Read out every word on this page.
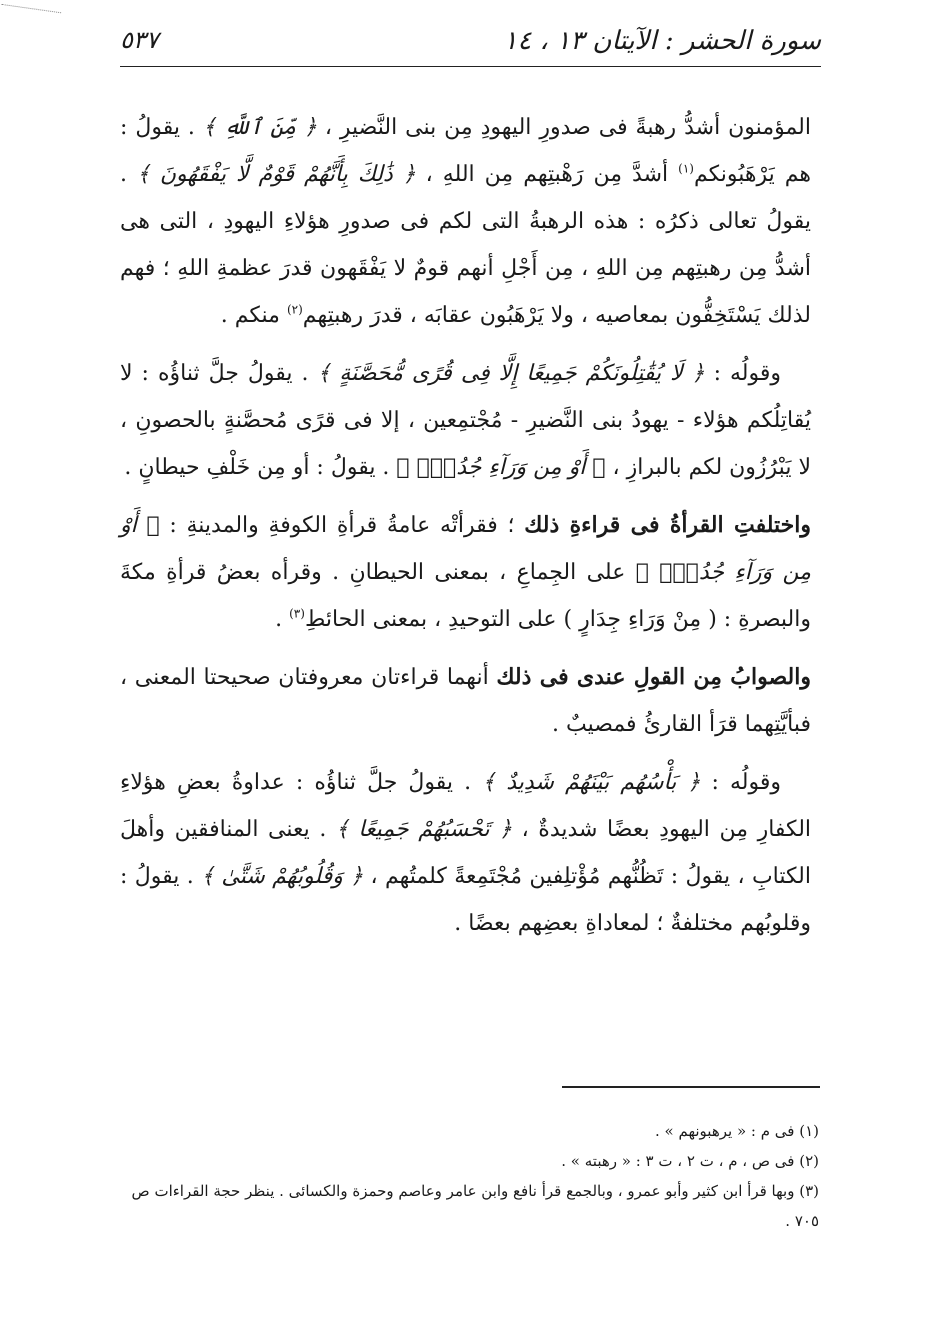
سورة الحشر : الآيتان ١٣ ، ١٤
٥٣٧

المؤمنون أشدُّ رهبةً فى صدورِ اليهودِ مِن بنى النَّضيرِ ، ﴿ مِّنَ ٱللَّهِ ﴾ . يقولُ : هم يَرْهَبُونكم$^{(١)}$ أشدَّ مِن رَهْبتِهم مِن اللهِ ، ﴿ ذَٰلِكَ بِأَنَّهُمْ قَوْمٌ لَّا يَفْقَهُونَ ﴾ . يقولُ تعالى ذكرُه : هذه الرهبةُ التى لكم فى صدورِ هؤلاءِ اليهودِ ، التى هى أشدُّ مِن رهبتِهم مِن اللهِ ، مِن أَجْلِ أنهم قومٌ لا يَفْقَهون قدرَ عظمةِ اللهِ ؛ فهم لذلك يَسْتَخِفُّون بمعاصيه ، ولا يَرْهَبُون عقابَه ، قدرَ رهبتِهم$^{(٢)}$ منكم .

وقولُه : ﴿ لَا يُقَٰتِلُونَكُمْ جَمِيعًا إِلَّا فِى قُرًى مُّحَصَّنَةٍ ﴾ . يقولُ جلَّ ثناؤُه : لا يُقاتِلُكم هؤلاء - يهودُ بنى النَّضيرِ - مُجْتمِعين ، إلا فى قرًى مُحصَّنةٍ بالحصونِ ، لا يَبْرُزُون لكم بالبرازِ ، ﴿ أَوْ مِن وَرَآءِ جُدُرٍۭ ﴾ . يقولُ : أو مِن خَلْفِ حيطانٍ .

واختلفتِ القرأةُ فى قراءةِ ذلك ؛ فقرأتْه عامةُ قرأةِ الكوفةِ والمدينةِ : ﴿ أَوْ مِن وَرَآءِ جُدُرٍۭ ﴾ على الجِماعِ ، بمعنى الحيطانِ . وقرأه بعضُ قرأةِ مكةَ والبصرةِ : ( مِنْ وَرَاءِ جِدَارٍ ) على التوحيدِ ، بمعنى الحائطِ$^{(٣)}$ .

والصوابُ مِن القولِ عندى فى ذلك أنهما قراءتان معروفتان صحيحتا المعنى ، فبأيَّتِهما قرَأ القارئُ فمصيبٌ .

وقولُه : ﴿ بَأْسُهُم بَيْنَهُمْ شَدِيدٌ ﴾ . يقولُ جلَّ ثناؤُه : عداوةُ بعضِ هؤلاءِ الكفارِ مِن اليهودِ بعضًا شديدةٌ ، ﴿ تَحْسَبُهُمْ جَمِيعًا ﴾ . يعنى المنافقين وأهلَ الكتابِ ، يقولُ : تَظُنُّهم مُؤْتلِفين مُجْتَمِعةً كلمتُهم ، ﴿ وَقُلُوبُهُمْ شَتَّىٰ ﴾ . يقولُ : وقلوبُهم مختلفةٌ ؛ لمعاداةِ بعضِهم بعضًا .

(١) فى م : « يرهبونهم » .

(٢) فى ص ، م ، ت ٢ ، ت ٣ : « رهبته » .

(٣) وبها قرأ ابن كثير وأبو عمرو ، وبالجمع قرأ نافع وابن عامر وعاصم وحمزة والكسائى . ينظر حجة القراءات ص ٧٠٥ .
